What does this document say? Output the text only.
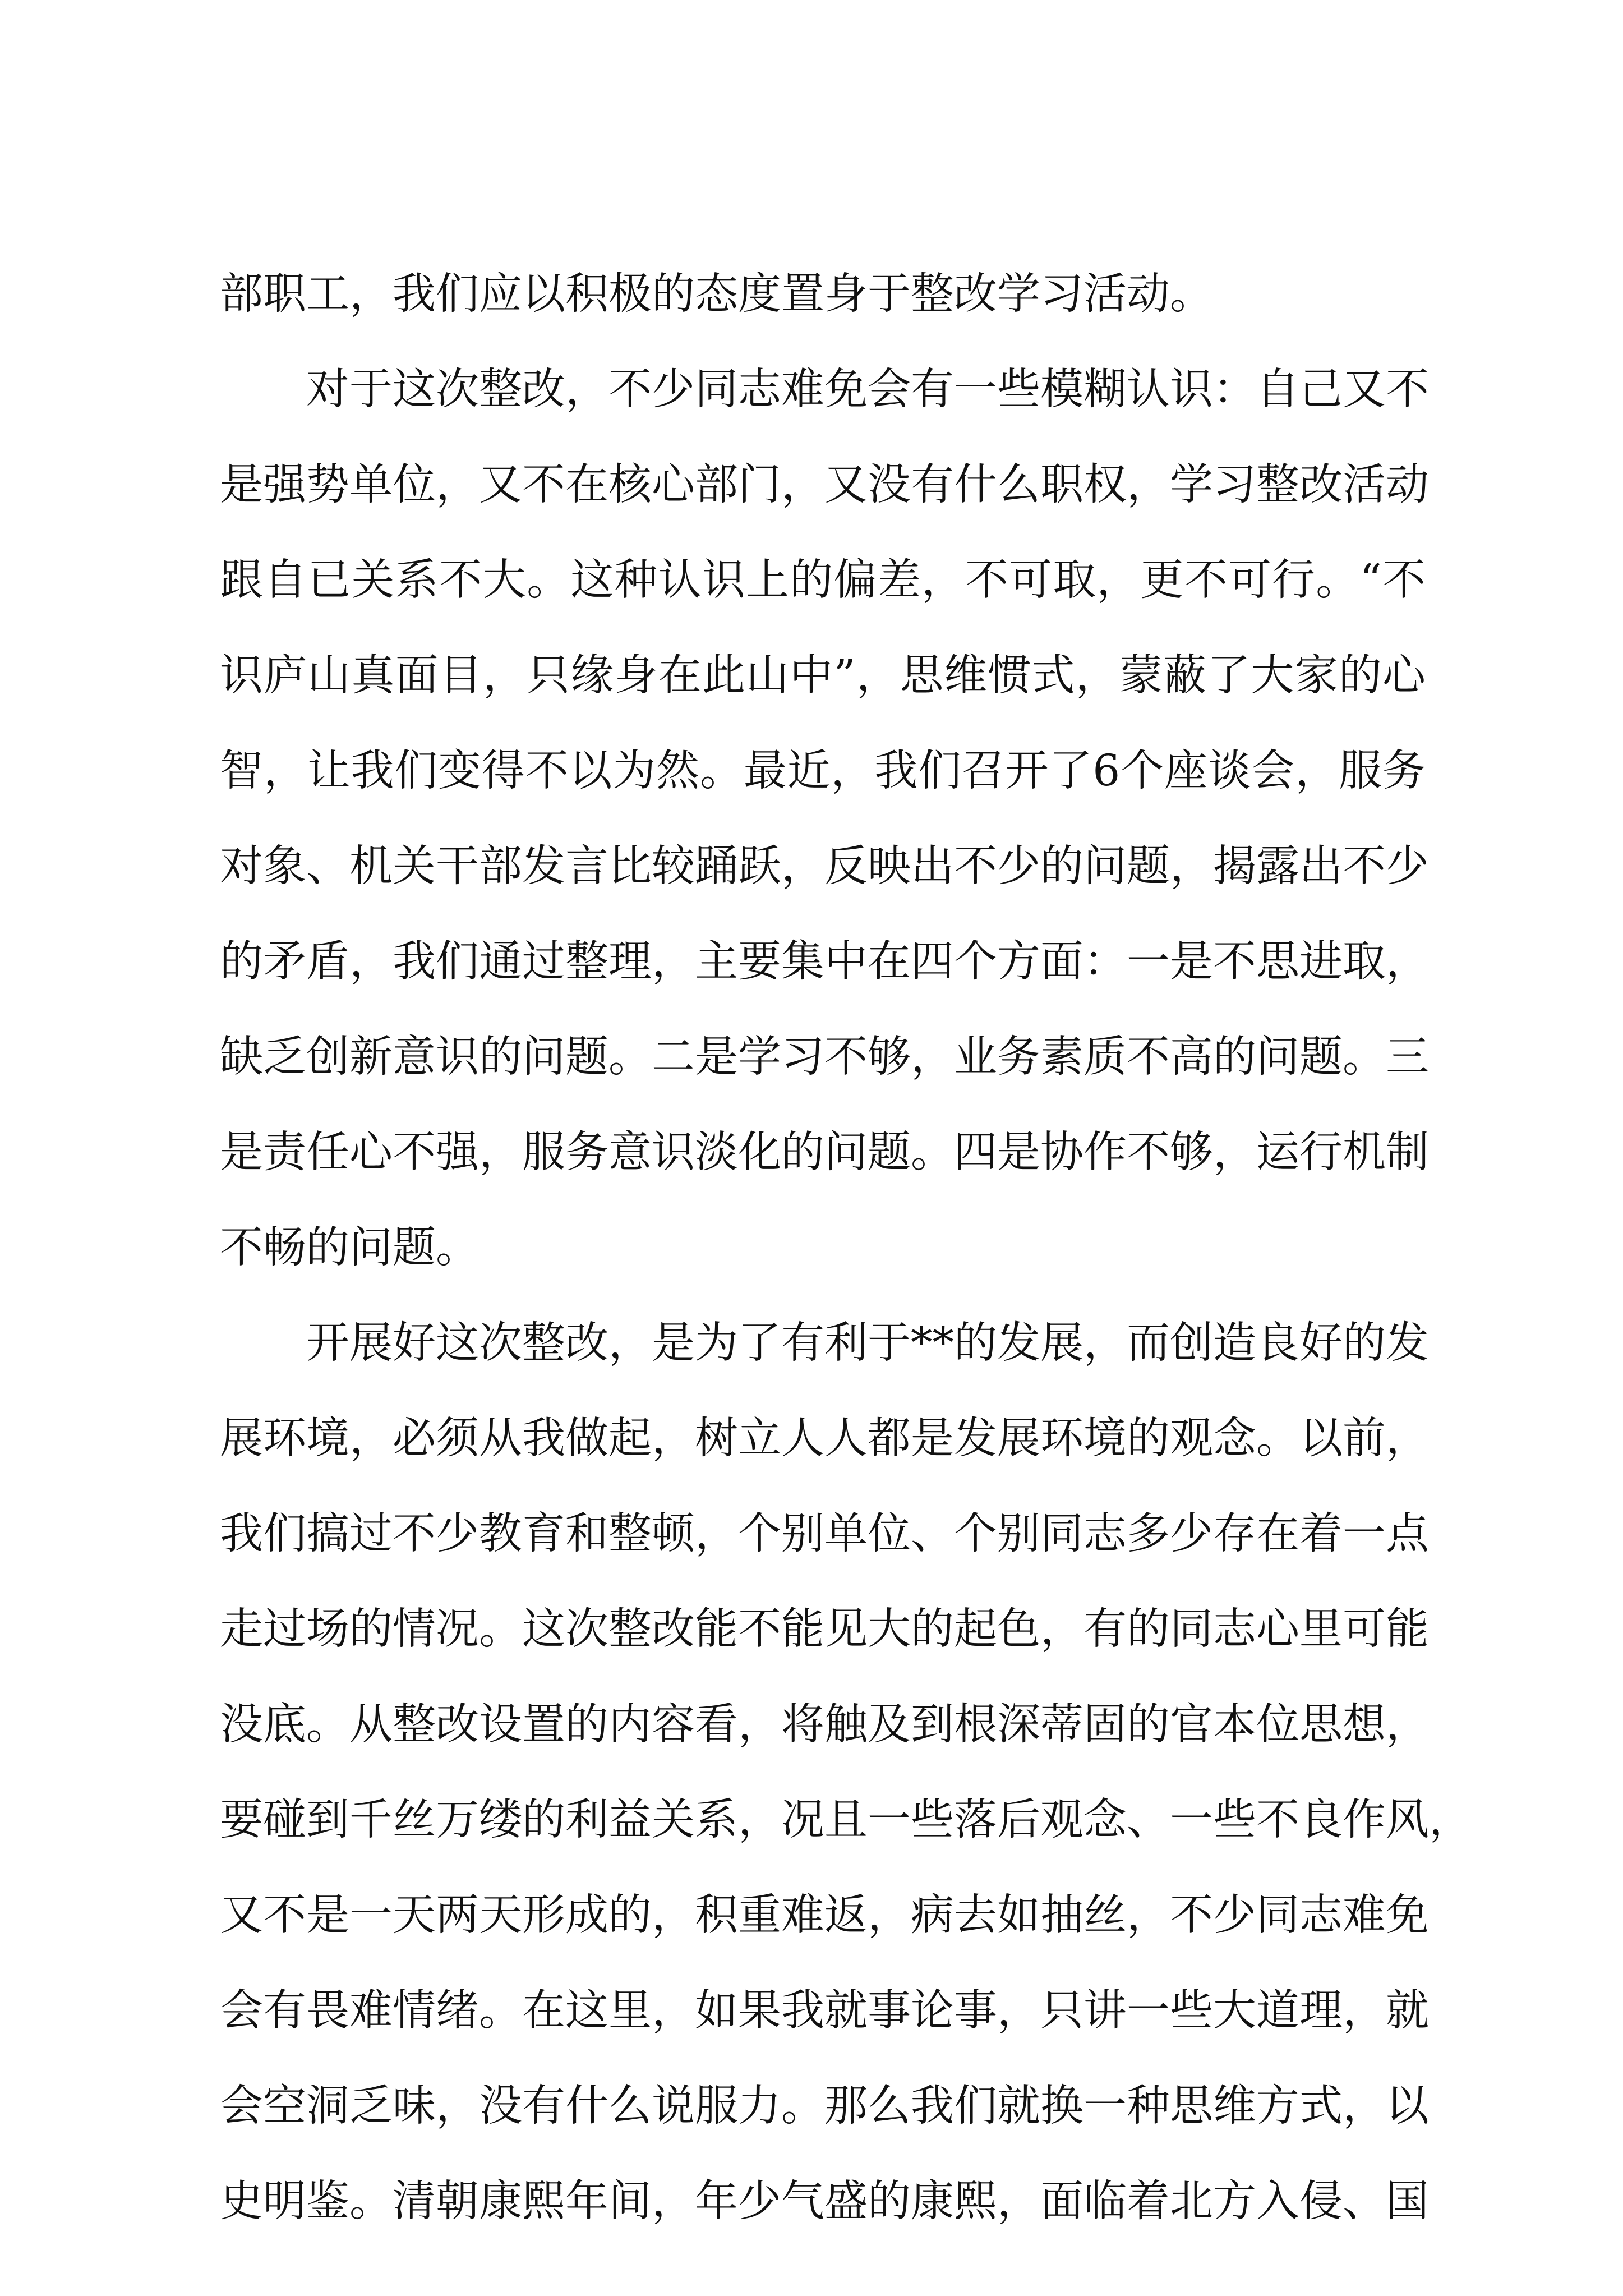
部职工，我们应以积极的态度置身于整改学习活动。

对于这次整改，不少同志难免会有一些模糊认识：自己又不

是强势单位，又不在核心部门，又没有什么职权，学习整改活动

跟自已关系不大。这种认识上的偏差，不可取，更不可行。“不

识庐山真面目，只缘身在此山中”，思维惯式，蒙蔽了大家的心

智，让我们变得不以为然。最近，我们召开了6个座谈会，服务

对象、机关干部发言比较踊跃，反映出不少的问题，揭露出不少

的矛盾，我们通过整理，主要集中在四个方面：一是不思进取，

缺乏创新意识的问题。二是学习不够，业务素质不高的问题。三

是责任心不强，服务意识淡化的问题。四是协作不够，运行机制

不畅的问题。

开展好这次整改，是为了有利于**的发展，而创造良好的发

展环境，必须从我做起，树立人人都是发展环境的观念。以前，

我们搞过不少教育和整顿，个别单位、个别同志多少存在着一点

走过场的情况。这次整改能不能见大的起色，有的同志心里可能

没底。从整改设置的内容看，将触及到根深蒂固的官本位思想，

要碰到千丝万缕的利益关系，况且一些落后观念、一些不良作风，

又不是一天两天形成的，积重难返，病去如抽丝，不少同志难免

会有畏难情绪。在这里，如果我就事论事，只讲一些大道理，就

会空洞乏味，没有什么说服力。那么我们就换一种思维方式，以

史明鉴。清朝康熙年间，年少气盛的康熙，面临着北方入侵、国
